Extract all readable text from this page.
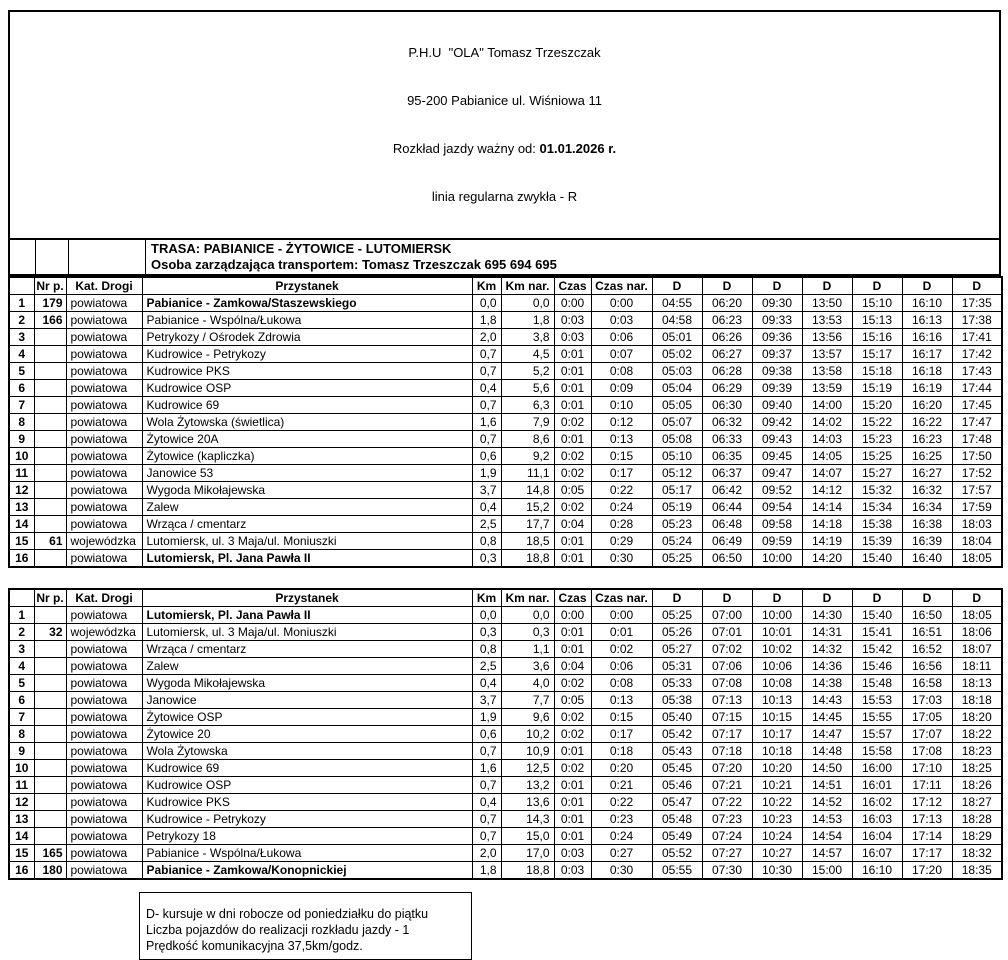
P.H.U  "OLA" Tomasz Trzeszczak

95-200 Pabianice ul. Wiśniowa 11

Rozkład jazdy ważny od: 01.01.2026 r.

linia regularna zwykła - R

TRASA: PABIANICE - ŻYTOWICE - LUTOMIERSK
Osoba zarządzająca transportem: Tomasz Trzeszczak 695 694 695
	Nr p.	Kat. Drogi	Przystanek	Km	Km nar.	Czas	Czas nar.	D	D	D	D	D	D	D
1	179	powiatowa	Pabianice - Zamkowa/Staszewskiego	0,0	0,0	0:00	0:00	04:55	06:20	09:30	13:50	15:10	16:10	17:35
2	166	powiatowa	Pabianice - Wspólna/Łukowa	1,8	1,8	0:03	0:03	04:58	06:23	09:33	13:53	15:13	16:13	17:38
3		powiatowa	Petrykozy / Ośrodek Zdrowia	2,0	3,8	0:03	0:06	05:01	06:26	09:36	13:56	15:16	16:16	17:41
4		powiatowa	Kudrowice - Petrykozy	0,7	4,5	0:01	0:07	05:02	06:27	09:37	13:57	15:17	16:17	17:42
5		powiatowa	Kudrowice PKS	0,7	5,2	0:01	0:08	05:03	06:28	09:38	13:58	15:18	16:18	17:43
6		powiatowa	Kudrowice OSP	0,4	5,6	0:01	0:09	05:04	06:29	09:39	13:59	15:19	16:19	17:44
7		powiatowa	Kudrowice 69	0,7	6,3	0:01	0:10	05:05	06:30	09:40	14:00	15:20	16:20	17:45
8		powiatowa	Wola Żytowska (świetlica)	1,6	7,9	0:02	0:12	05:07	06:32	09:42	14:02	15:22	16:22	17:47
9		powiatowa	Żytowice 20A	0,7	8,6	0:01	0:13	05:08	06:33	09:43	14:03	15:23	16:23	17:48
10		powiatowa	Żytowice (kapliczka)	0,6	9,2	0:02	0:15	05:10	06:35	09:45	14:05	15:25	16:25	17:50
11		powiatowa	Janowice 53	1,9	11,1	0:02	0:17	05:12	06:37	09:47	14:07	15:27	16:27	17:52
12		powiatowa	Wygoda Mikołajewska	3,7	14,8	0:05	0:22	05:17	06:42	09:52	14:12	15:32	16:32	17:57
13		powiatowa	Zalew	0,4	15,2	0:02	0:24	05:19	06:44	09:54	14:14	15:34	16:34	17:59
14		powiatowa	Wrząca / cmentarz	2,5	17,7	0:04	0:28	05:23	06:48	09:58	14:18	15:38	16:38	18:03
15	61	wojewódzka	Lutomiersk, ul. 3 Maja/ul. Moniuszki	0,8	18,5	0:01	0:29	05:24	06:49	09:59	14:19	15:39	16:39	18:04
16		powiatowa	Lutomiersk, Pl. Jana Pawła II	0,3	18,8	0:01	0:30	05:25	06:50	10:00	14:20	15:40	16:40	18:05
	Nr p.	Kat. Drogi	Przystanek	Km	Km nar.	Czas	Czas nar.	D	D	D	D	D	D	D
1		powiatowa	Lutomiersk, Pl. Jana Pawła II	0,0	0,0	0:00	0:00	05:25	07:00	10:00	14:30	15:40	16:50	18:05
2	32	wojewódzka	Lutomiersk, ul. 3 Maja/ul. Moniuszki	0,3	0,3	0:01	0:01	05:26	07:01	10:01	14:31	15:41	16:51	18:06
3		powiatowa	Wrząca / cmentarz	0,8	1,1	0:01	0:02	05:27	07:02	10:02	14:32	15:42	16:52	18:07
4		powiatowa	Zalew	2,5	3,6	0:04	0:06	05:31	07:06	10:06	14:36	15:46	16:56	18:11
5		powiatowa	Wygoda Mikołajewska	0,4	4,0	0:02	0:08	05:33	07:08	10:08	14:38	15:48	16:58	18:13
6		powiatowa	Janowice	3,7	7,7	0:05	0:13	05:38	07:13	10:13	14:43	15:53	17:03	18:18
7		powiatowa	Żytowice OSP	1,9	9,6	0:02	0:15	05:40	07:15	10:15	14:45	15:55	17:05	18:20
8		powiatowa	Żytowice 20	0,6	10,2	0:02	0:17	05:42	07:17	10:17	14:47	15:57	17:07	18:22
9		powiatowa	Wola Żytowska	0,7	10,9	0:01	0:18	05:43	07:18	10:18	14:48	15:58	17:08	18:23
10		powiatowa	Kudrowice 69	1,6	12,5	0:02	0:20	05:45	07:20	10:20	14:50	16:00	17:10	18:25
11		powiatowa	Kudrowice OSP	0,7	13,2	0:01	0:21	05:46	07:21	10:21	14:51	16:01	17:11	18:26
12		powiatowa	Kudrowice PKS	0,4	13,6	0:01	0:22	05:47	07:22	10:22	14:52	16:02	17:12	18:27
13		powiatowa	Kudrowice - Petrykozy	0,7	14,3	0:01	0:23	05:48	07:23	10:23	14:53	16:03	17:13	18:28
14		powiatowa	Petrykozy 18	0,7	15,0	0:01	0:24	05:49	07:24	10:24	14:54	16:04	17:14	18:29
15	165	powiatowa	Pabianice - Wspólna/Łukowa	2,0	17,0	0:03	0:27	05:52	07:27	10:27	14:57	16:07	17:17	18:32
16	180	powiatowa	Pabianice - Zamkowa/Konopnickiej	1,8	18,8	0:03	0:30	05:55	07:30	10:30	15:00	16:10	17:20	18:35
D- kursuje w dni robocze od poniedziałku do piątku
Liczba pojazdów do realizacji rozkładu jazdy - 1
Prędkość komunikacyjna 37,5km/godz.
